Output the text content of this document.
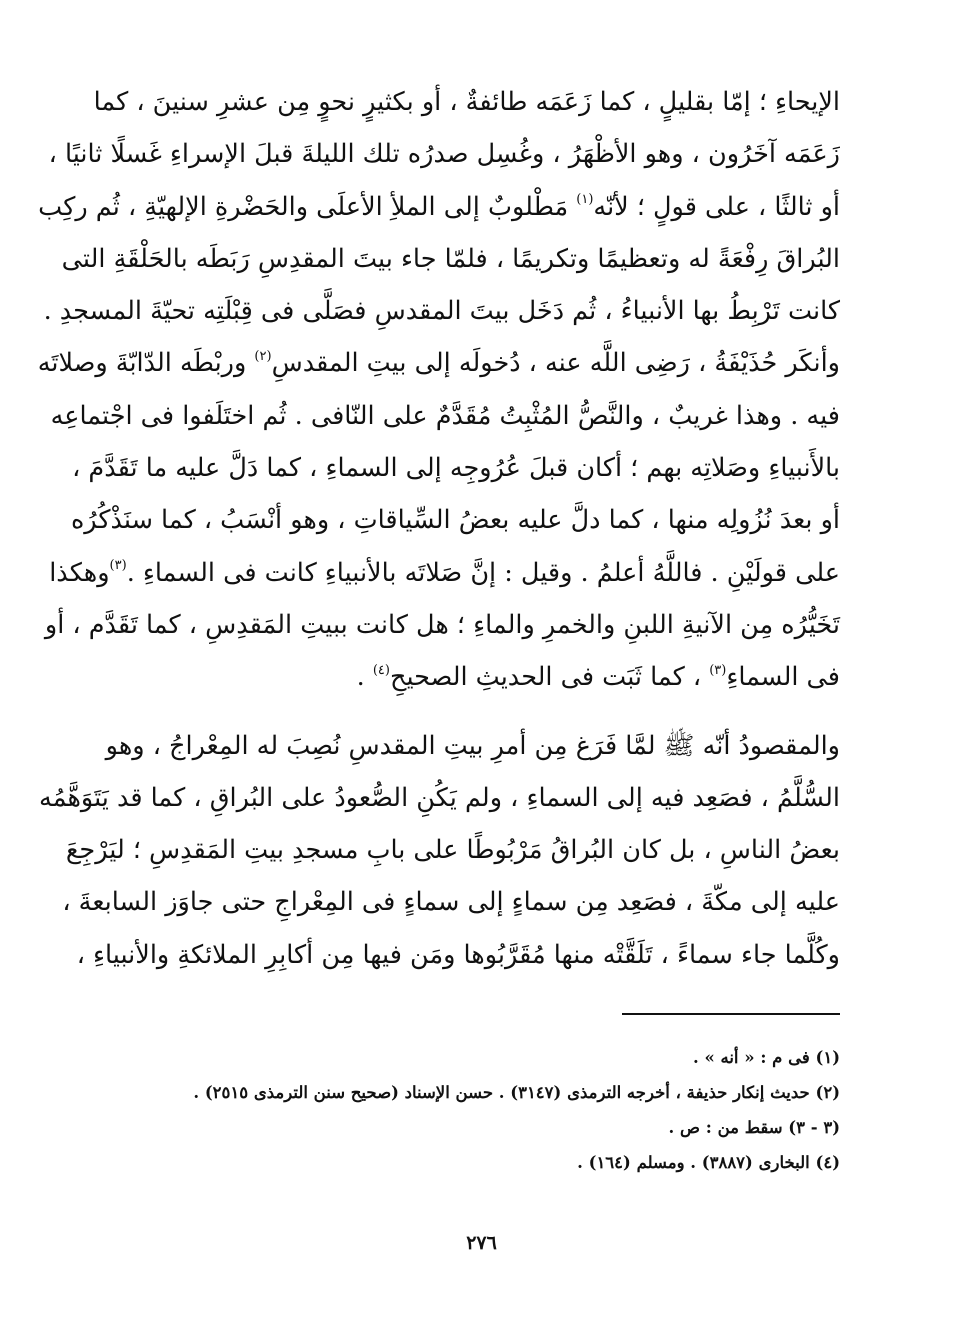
الإيحاءِ ؛ إمّا بقليلٍ ، كما زَعَمَه طائفةٌ ، أو بكثيرٍ نحوٍ مِن عشرِ سنينَ ، كما
زَعَمَه آخَرُون ، وهو الأظْهَرُ ، وغُسِل صدرُه تلك الليلةَ قبلَ الإسراءِ غَسلًا ثانيًا ،
أو ثالثًا ، على قولٍ ؛ لأنّه$^{(١)}$ مَطْلوبٌ إلى الملأِ الأعلَى والحَضْرةِ الإلهيّةِ ، ثُم ركِب
البُراقَ رِفْعَةً له وتعظيمًا وتكريمًا ، فلمّا جاء بيتَ المقدِسِ رَبَطَه بالحَلْقَةِ التى
كانت تَرْبِطُ بها الأنبياءُ ، ثُم دَخَل بيتَ المقدسِ فصَلَّى فى قِبْلَتِه تحيّةَ المسجدِ .
وأنكَر حُذَيْفَةُ ، رَضِى اللَّه عنه ، دُخولَه إلى بيتِ المقدسِ$^{(٢)}$ وربْطَه الدّابّةَ وصلاتَه
فيه . وهذا غريبٌ ، والنَّصُّ المُثْبِتُ مُقَدَّمٌ على النّافى . ثُم اختَلَفوا فى اجْتماعِه
بالأَنبياءِ وصَلاتِه بهم ؛ أكان قبلَ عُرُوجِه إلى السماءِ ، كما دَلَّ عليه ما تَقَدَّمَ ،
أو بعدَ نُزُولِه منها ، كما دلَّ عليه بعضُ السِّياقاتِ ، وهو أنْسَبُ ، كما سنَذْكُرُه
على قولَيْنِ . فاللَّهُ أعلمُ . وقيل : إنَّ صَلاتَه بالأنبياءِ كانت فى السماءِ .$^{(٣)}$وهكذا
تَخَيُّرُه مِن الآنيةِ اللبنِ والخمرِ والماءِ ؛ هل كانت ببيتِ المَقدِسِ ، كما تَقَدَّم ، أو
فى السماءِ$^{(٣)}$ ، كما ثَبَت فى الحديثِ الصحيحِ$^{(٤)}$ .

والمقصودُ أنّه ﷺ لمَّا فَرَغ مِن أمرِ بيتِ المقدسِ نُصِبَ له المِعْراجُ ، وهو
السُّلَّمُ ، فصَعِد فيه إلى السماءِ ، ولم يَكُنِ الصُّعودُ على البُراقِ ، كما قد يَتَوَهَّمُه
بعضُ الناسِ ، بل كان البُراقُ مَرْبُوطًا على بابِ مسجدِ بيتِ المَقدِسِ ؛ ليَرْجِعَ
عليه إلى مكّةَ ، فصَعِد مِن سماءٍ إلى سماءٍ فى المِعْراجِ حتى جاوَز السابعةَ ،
وكُلَّما جاء سماءً ، تَلَقَّتْه منها مُقَرَّبُوها ومَن فيها مِن أكابِرِ الملائكةِ والأنبياءِ ،

(١) فى م : « أنه » .
(٢) حديث إنكار حذيفة ، أخرجه الترمذى (٣١٤٧) . حسن الإسناد (صحيح سنن الترمذى ٢٥١٥) .
(٣ - ٣) سقط من : ص .
(٤) البخارى (٣٨٨٧) . ومسلم (١٦٤) .
٢٧٦
